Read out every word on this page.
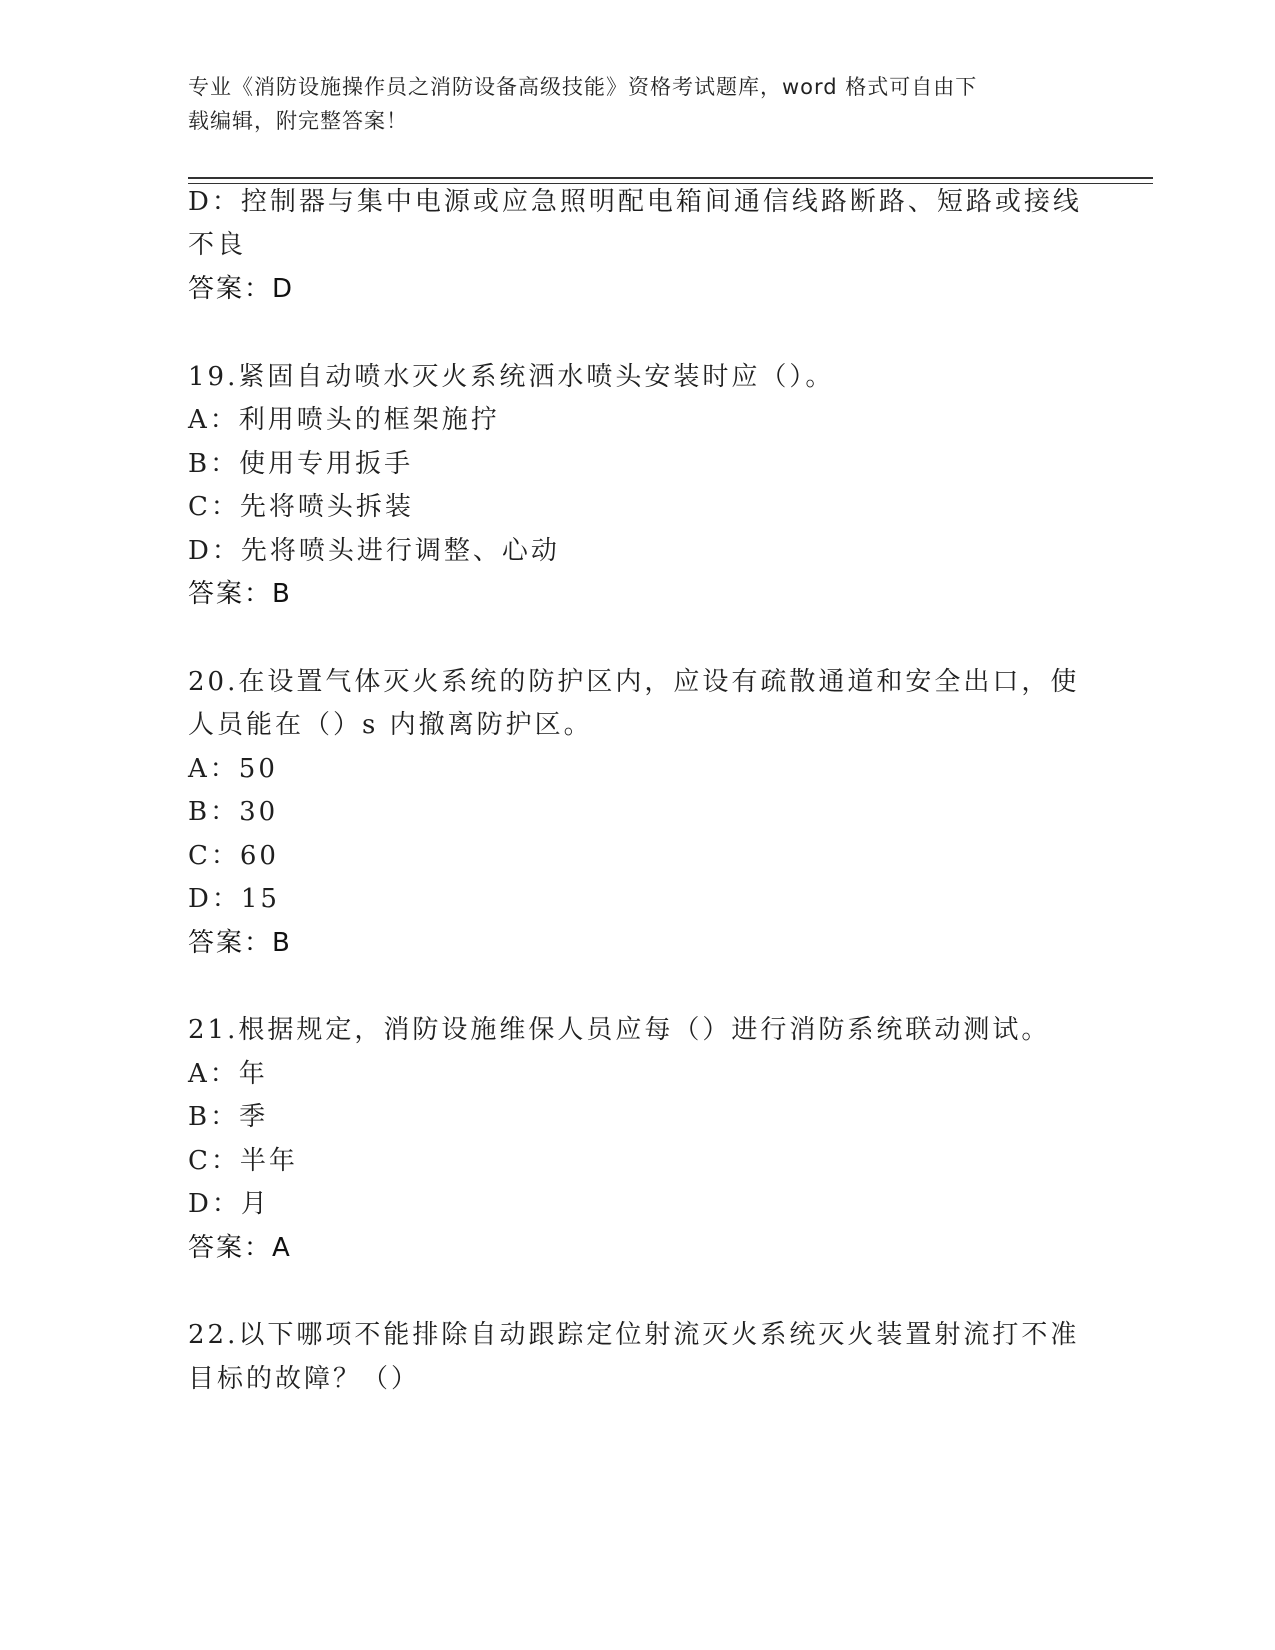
专业《消防设施操作员之消防设备高级技能》资格考试题库，word 格式可自由下
载编辑，附完整答案！
D：控制器与集中电源或应急照明配电箱间通信线路断路、短路或接线
不良
答案：D
19.紧固自动喷水灭火系统洒水喷头安装时应（）。
A：利用喷头的框架施拧
B：使用专用扳手
C：先将喷头拆装
D：先将喷头进行调整、心动
答案：B
20.在设置气体灭火系统的防护区内，应设有疏散通道和安全出口，使
人员能在（）s 内撤离防护区。
A：50
B：30
C：60
D：15
答案：B
21.根据规定，消防设施维保人员应每（）进行消防系统联动测试。
A：年
B：季
C：半年
D：月
答案：A
22.以下哪项不能排除自动跟踪定位射流灭火系统灭火装置射流打不准
目标的故障？（）
